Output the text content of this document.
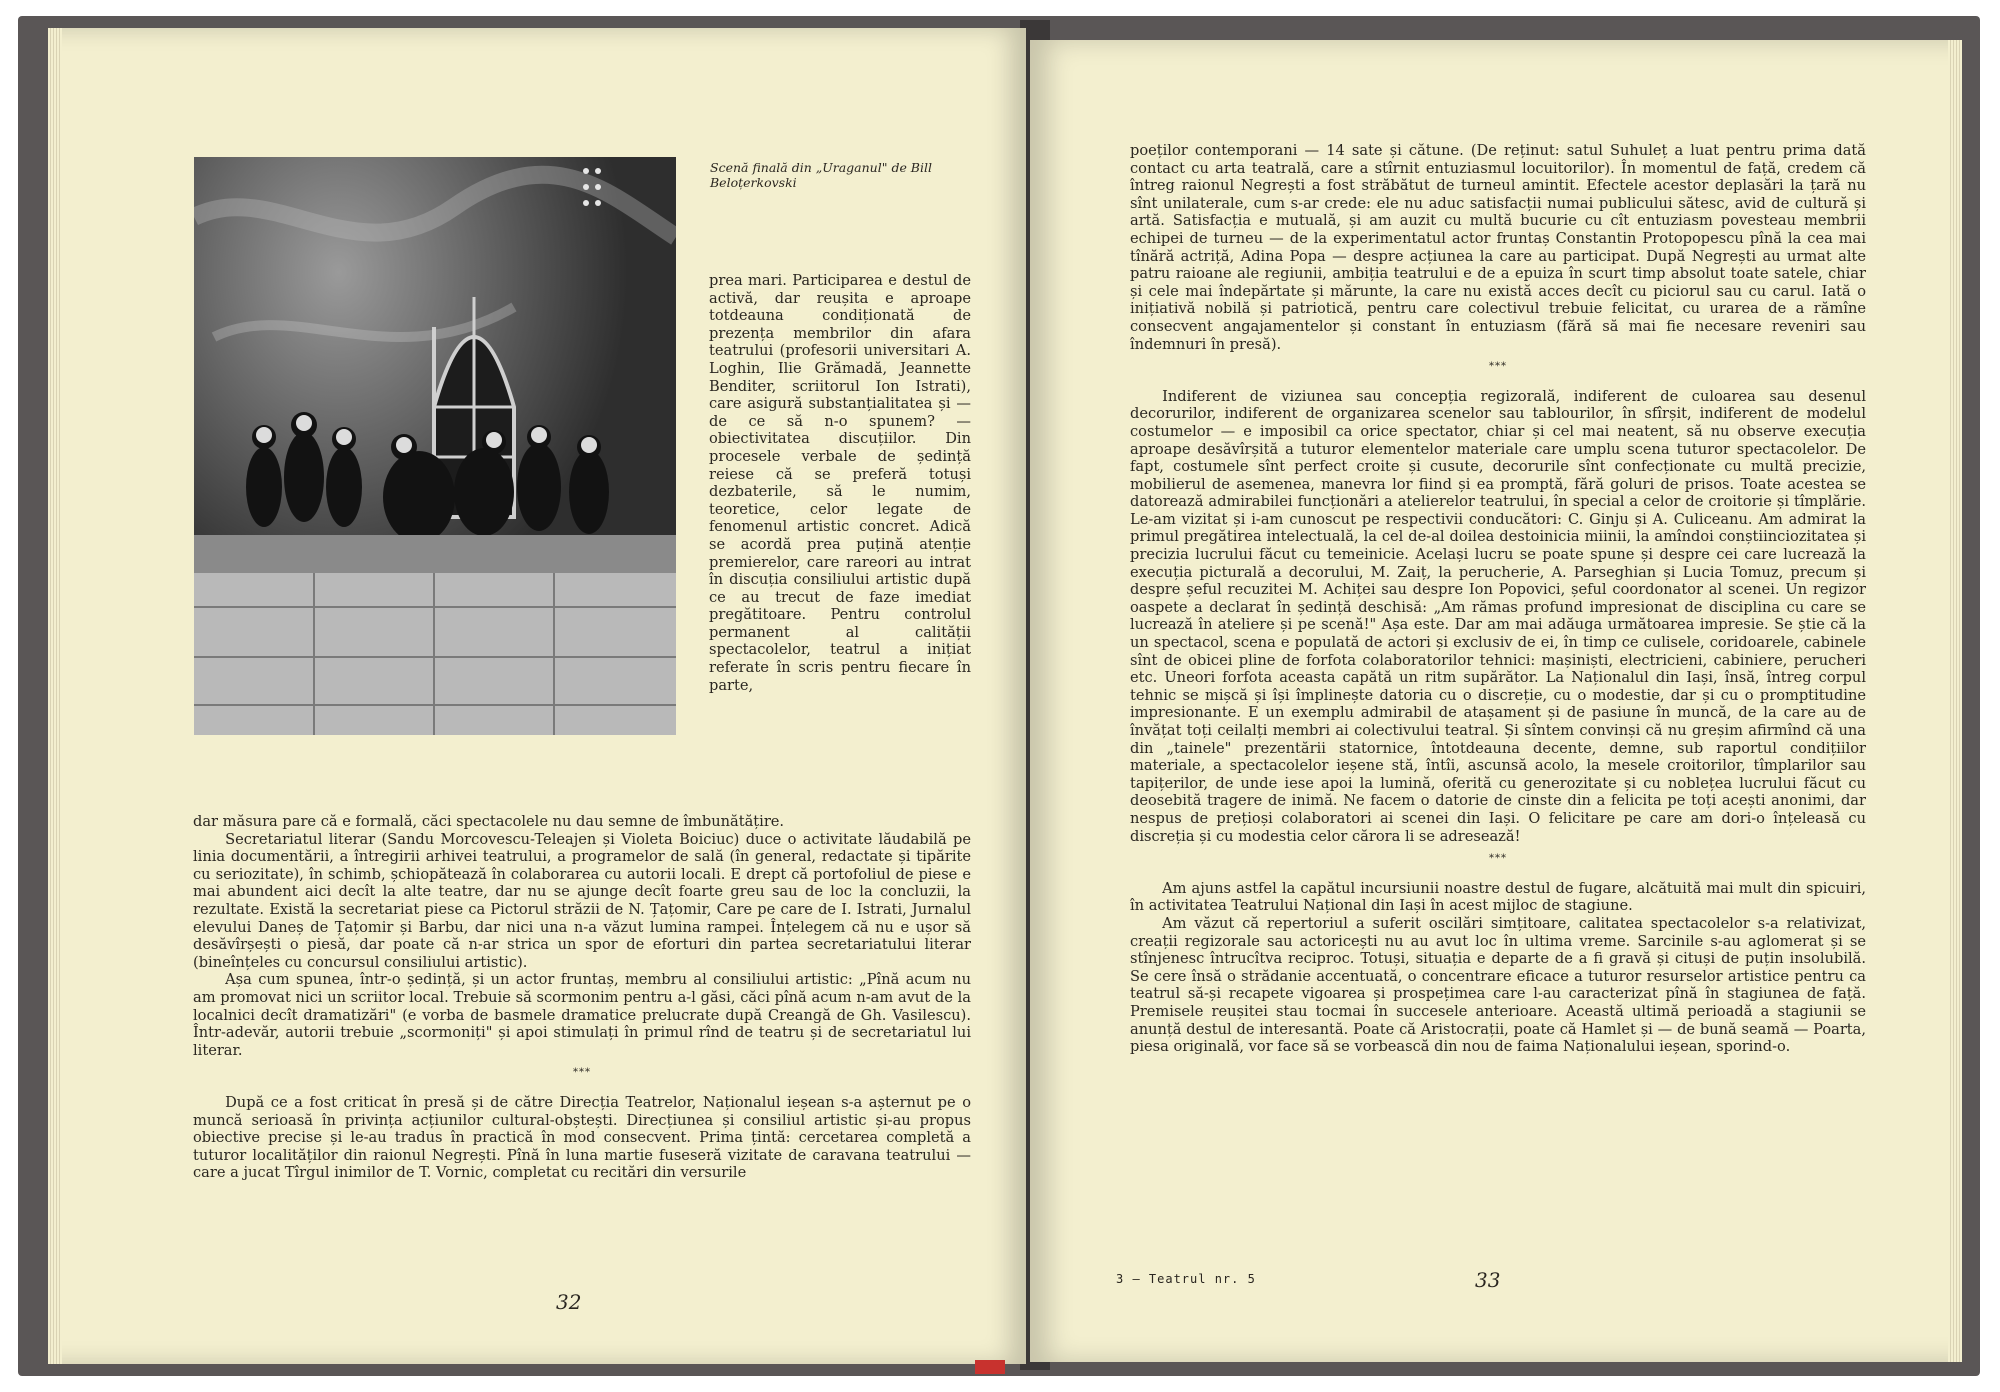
Scenă finală din „Uraganul" de Bill Beloțerkovski

prea mari. Participarea e destul de activă, dar reușita e aproape totdeauna condiționată de prezența membrilor din afara teatrului (profesorii universitari A. Loghin, Ilie Grămadă, Jeannette Benditer, scriitorul Ion Istrati), care asigură substanțialitatea și — de ce să n-o spunem? — obiectivitatea discuțiilor. Din procesele verbale de ședință reiese că se preferă totuși dezbaterile, să le numim, teoretice, celor legate de fenomenul artistic concret. Adică se acordă prea puțină atenție premierelor, care rareori au intrat în discuția consiliului artistic după ce au trecut de faze imediat pregătitoare. Pentru controlul permanent al calității spectacolelor, teatrul a inițiat referate în scris pentru fiecare în parte,

dar măsura pare că e formală, căci spectacolele nu dau semne de îmbunătățire.

Secretariatul literar (Sandu Morcovescu-Teleajen și Violeta Boiciuc) duce o activitate lăudabilă pe linia documentării, a întregirii arhivei teatrului, a programelor de sală (în general, redactate și tipărite cu seriozitate), în schimb, șchiopătează în colaborarea cu autorii locali. E drept că portofoliul de piese e mai abundent aici decît la alte teatre, dar nu se ajunge decît foarte greu sau de loc la concluzii, la rezultate. Există la secretariat piese ca Pictorul străzii de N. Țațomir, Care pe care de I. Istrati, Jurnalul elevului Daneș de Țațomir și Barbu, dar nici una n-a văzut lumina rampei. Înțelegem că nu e ușor să desăvîrșești o piesă, dar poate că n-ar strica un spor de eforturi din partea secretariatului literar (bineînțeles cu concursul consiliului artistic).

Așa cum spunea, într-o ședință, și un actor fruntaș, membru al consiliului artistic: „Pînă acum nu am promovat nici un scriitor local. Trebuie să scormonim pentru a-l găsi, căci pînă acum n-am avut de la localnici decît dramatizări" (e vorba de basmele dramatice prelucrate după Creangă de Gh. Vasilescu). Într-adevăr, autorii trebuie „scormoniți" și apoi stimulați în primul rînd de teatru și de secretariatul lui literar.

***

După ce a fost criticat în presă și de către Direcția Teatrelor, Naționalul ieșean s-a așternut pe o muncă serioasă în privința acțiunilor cultural-obștești. Direcțiunea și consiliul artistic și-au propus obiective precise și le-au tradus în practică în mod consecvent. Prima țintă: cercetarea completă a tuturor localităților din raionul Negrești. Pînă în luna martie fuseseră vizitate de caravana teatrului — care a jucat Tîrgul inimilor de T. Vornic, completat cu recitări din versurile

32

poeților contemporani — 14 sate și cătune. (De reținut: satul Suhuleț a luat pentru prima dată contact cu arta teatrală, care a stîrnit entuziasmul locuitorilor). În momentul de față, credem că întreg raionul Negrești a fost străbătut de turneul amintit. Efectele acestor deplasări la țară nu sînt unilaterale, cum s-ar crede: ele nu aduc satisfacții numai publicului sătesc, avid de cultură și artă. Satisfacția e mutuală, și am auzit cu multă bucurie cu cît entuziasm povesteau membrii echipei de turneu — de la experimentatul actor fruntaș Constantin Protopopescu pînă la cea mai tînără actriță, Adina Popa — despre acțiunea la care au participat. După Negrești au urmat alte patru raioane ale regiunii, ambiția teatrului e de a epuiza în scurt timp absolut toate satele, chiar și cele mai îndepărtate și mărunte, la care nu există acces decît cu piciorul sau cu carul. Iată o inițiativă nobilă și patriotică, pentru care colectivul trebuie felicitat, cu urarea de a rămîne consecvent angajamentelor și constant în entuziasm (fără să mai fie necesare reveniri sau îndemnuri în presă).

***

Indiferent de viziunea sau concepția regizorală, indiferent de culoarea sau desenul decorurilor, indiferent de organizarea scenelor sau tablourilor, în sfîrșit, indiferent de modelul costumelor — e imposibil ca orice spectator, chiar și cel mai neatent, să nu observe execuția aproape desăvîrșită a tuturor elementelor materiale care umplu scena tuturor spectacolelor. De fapt, costumele sînt perfect croite și cusute, decorurile sînt confecționate cu multă precizie, mobilierul de asemenea, manevra lor fiind și ea promptă, fără goluri de prisos. Toate acestea se datorează admirabilei funcționări a atelierelor teatrului, în special a celor de croitorie și tîmplărie. Le-am vizitat și i-am cunoscut pe respectivii conducători: C. Ginju și A. Culiceanu. Am admirat la primul pregătirea intelectuală, la cel de-al doilea destoinicia miinii, la amîndoi conștiinciozitatea și precizia lucrului făcut cu temeinicie. Același lucru se poate spune și despre cei care lucrează la execuția picturală a decorului, M. Zaiț, la perucherie, A. Parseghian și Lucia Tomuz, precum și despre șeful recuzitei M. Achiței sau despre Ion Popovici, șeful coordonator al scenei. Un regizor oaspete a declarat în ședință deschisă: „Am rămas profund impresionat de disciplina cu care se lucrează în ateliere și pe scenă!" Așa este. Dar am mai adăuga următoarea impresie. Se știe că la un spectacol, scena e populată de actori și exclusiv de ei, în timp ce culisele, coridoarele, cabinele sînt de obicei pline de forfota colaboratorilor tehnici: mașiniști, electricieni, cabiniere, perucheri etc. Uneori forfota aceasta capătă un ritm supărător. La Naționalul din Iași, însă, întreg corpul tehnic se mișcă și își împlinește datoria cu o discreție, cu o modestie, dar și cu o promptitudine impresionante. E un exemplu admirabil de atașament și de pasiune în muncă, de la care au de învățat toți ceilalți membri ai colectivului teatral. Și sîntem convinși că nu greșim afirmînd că una din „tainele" prezentării statornice, întotdeauna decente, demne, sub raportul condițiilor materiale, a spectacolelor ieșene stă, întîi, ascunsă acolo, la mesele croitorilor, tîmplarilor sau tapițerilor, de unde iese apoi la lumină, oferită cu generozitate și cu noblețea lucrului făcut cu deosebită tragere de inimă. Ne facem o datorie de cinste din a felicita pe toți acești anonimi, dar nespus de prețioși colaboratori ai scenei din Iași. O felicitare pe care am dori-o înțeleasă cu discreția și cu modestia celor cărora li se adresează!

***

Am ajuns astfel la capătul incursiunii noastre destul de fugare, alcătuită mai mult din spicuiri, în activitatea Teatrului Național din Iași în acest mijloc de stagiune.

Am văzut că repertoriul a suferit oscilări simțitoare, calitatea spectacolelor s-a relativizat, creații regizorale sau actoricești nu au avut loc în ultima vreme. Sarcinile s-au aglomerat și se stînjenesc întrucîtva reciproc. Totuși, situația e departe de a fi gravă și cituși de puțin insolubilă. Se cere însă o strădanie accentuată, o concentrare eficace a tuturor resurselor artistice pentru ca teatrul să-și recapete vigoarea și prospețimea care l-au caracterizat pînă în stagiunea de față. Premisele reușitei stau tocmai în succesele anterioare. Această ultimă perioadă a stagiunii se anunță destul de interesantă. Poate că Aristocrații, poate că Hamlet și — de bună seamă — Poarta, piesa originală, vor face să se vorbească din nou de faima Naționalului ieșean, sporind-o.

3 — Teatrul nr. 5	33
